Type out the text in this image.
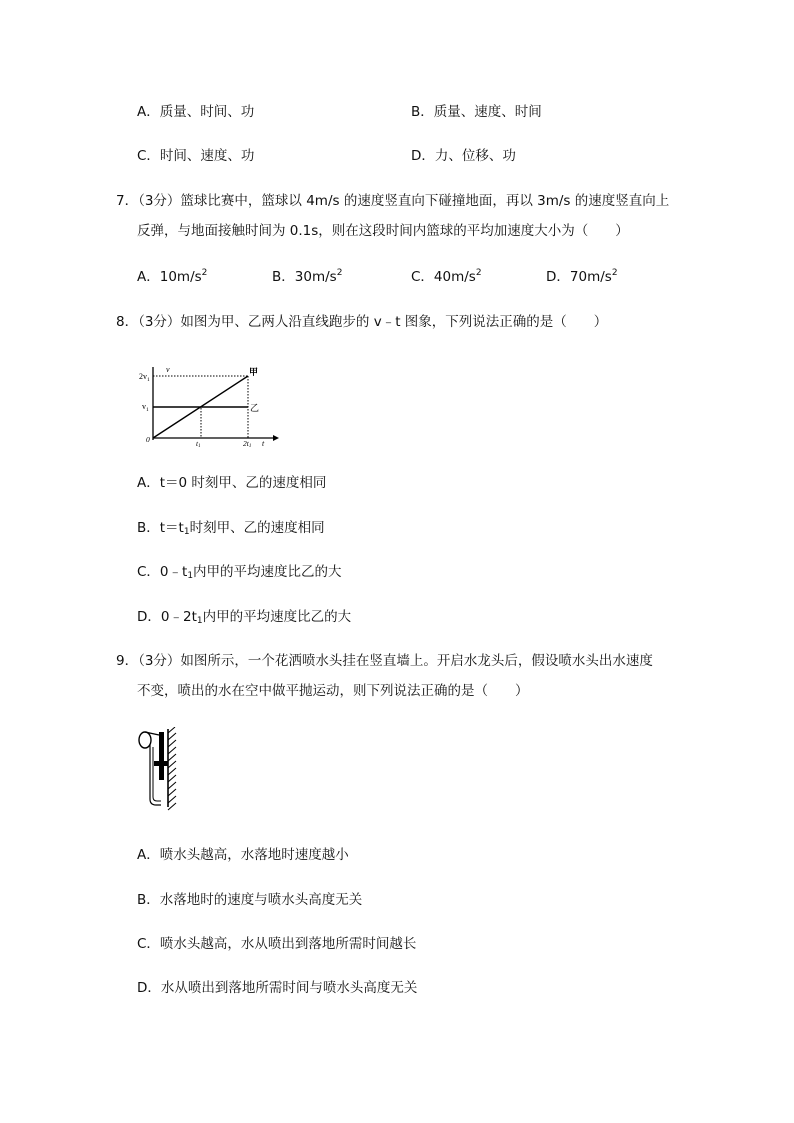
A．质量、时间、功	B．质量、速度、时间
C．时间、速度、功	D．力、位移、功
7．（3分）篮球比赛中，篮球以 4m/s 的速度竖直向下碰撞地面，再以 3m/s 的速度竖直向上
反弹，与地面接触时间为 0.1s，则在这段时间内篮球的平均加速度大小为（　　）
A．$10m/s^2$	B．$30m/s^2$	C．$40m/s^2$	D．$70m/s^2$
8．（3分）如图为甲、乙两人沿直线跑步的 v﹣t 图象，下列说法正确的是（　　）
$2v_1$
$v_1$
v
0	t1	2t1 t
甲
乙
A．t＝0 时刻甲、乙的速度相同
B．$t=t_1$时刻甲、乙的速度相同
C．$0﹣t_1$内甲的平均速度比乙的大
D．$0﹣2t_1$内甲的平均速度比乙的大
9．（3分）如图所示，一个花洒喷水头挂在竖直墙上。开启水龙头后，假设喷水头出水速度
不变，喷出的水在空中做平抛运动，则下列说法正确的是（　　）
A．喷水头越高，水落地时速度越小
B．水落地时的速度与喷水头高度无关
C．喷水头越高，水从喷出到落地所需时间越长
D．水从喷出到落地所需时间与喷水头高度无关
